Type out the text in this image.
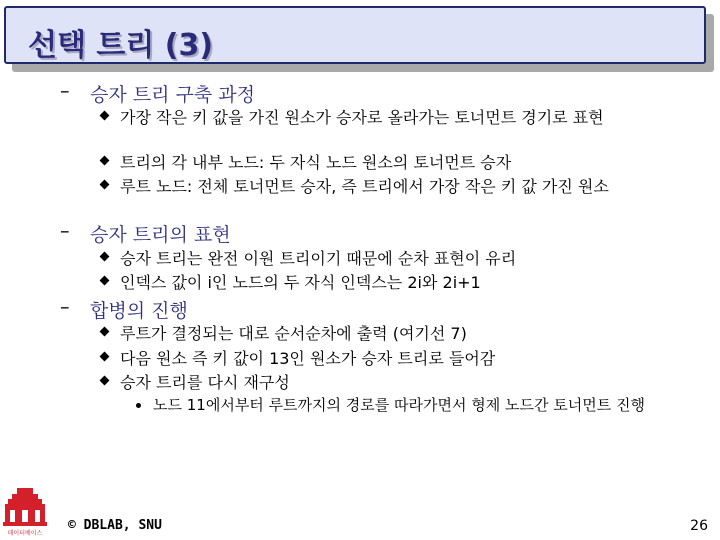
선택 트리 (3)
– 승자 트리 구축 과정
가장 작은 키 값을 가진 원소가 승자로 올라가는 토너먼트 경기로 표현
트리의 각 내부 노드: 두 자식 노드 원소의 토너먼트 승자
루트 노드: 전체 토너먼트 승자, 즉 트리에서 가장 작은 키 값 가진 원소
– 승자 트리의 표현
승자 트리는 완전 이원 트리이기 때문에 순차 표현이 유리
인덱스 값이 i인 노드의 두 자식 인덱스는 2i와 2i+1
– 합병의 진행
루트가 결정되는 대로 순서순차에 출력 (여기선 7)
다음 원소 즉 키 값이 13인 원소가 승자 트리로 들어감
승자 트리를 다시 재구성
노드 11에서부터 루트까지의 경로를 따라가면서 형제 노드간 토너먼트 진행
데이터베이스
© DBLAB, SNU	26
